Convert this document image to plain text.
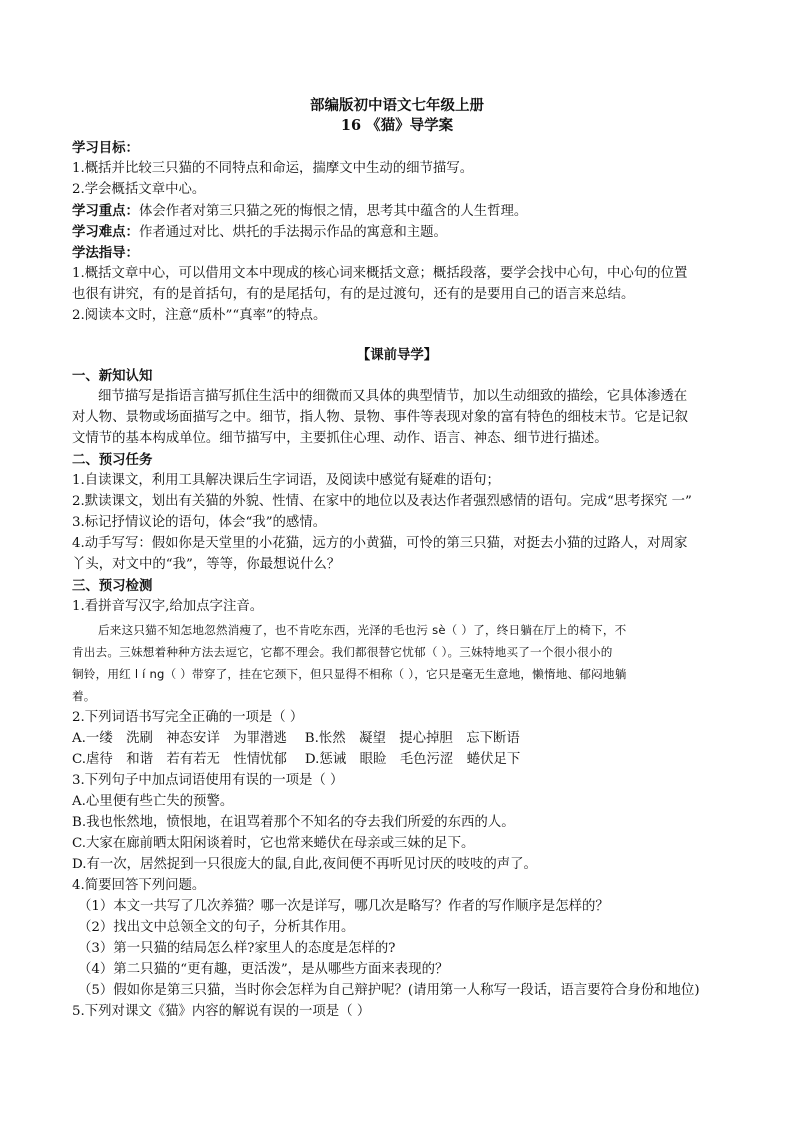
部编版初中语文七年级上册
16 《猫》导学案
学习目标：
1.概括并比较三只猫的不同特点和命运，揣摩文中生动的细节描写。
2.学会概括文章中心。
学习重点：体会作者对第三只猫之死的悔恨之情，思考其中蕴含的人生哲理。
学习难点：作者通过对比、烘托的手法揭示作品的寓意和主题。
学法指导：
1.概括文章中心，可以借用文本中现成的核心词来概括文意；概括段落，要学会找中心句，中心句的位置
也很有讲究，有的是首括句，有的是尾括句，有的是过渡句，还有的是要用自己的语言来总结。
2.阅读本文时，注意“质朴”“真率”的特点。
【课前导学】
一、新知认知
细节描写是指语言描写抓住生活中的细微而又具体的典型情节，加以生动细致的描绘，它具体渗透在
对人物、景物或场面描写之中。细节，指人物、景物、事件等表现对象的富有特色的细枝末节。它是记叙
文情节的基本构成单位。细节描写中，主要抓住心理、动作、语言、神态、细节进行描述。
二、预习任务
1.自读课文，利用工具解决课后生字词语，及阅读中感觉有疑难的语句；
2.默读课文，划出有关猫的外貌、性情、在家中的地位以及表达作者强烈感情的语句。完成“思考探究 一”
3.标记抒情议论的语句，体会“我”的感情。
4.动手写写：假如你是天堂里的小花猫，远方的小黄猫，可怜的第三只猫，对挺去小猫的过路人，对周家
丫头，对文中的“我”，等等，你最想说什么？
三、预习检测
1.看拼音写汉字,给加点字注音。
后来这只猫不知怎地忽然消瘦了，也不肯吃东西，光泽的毛也污 sè（ ）了，终日躺在厅上的椅下，不
肯出去。三妹想着种种方法去逗它，它都不理会。我们都很替它忧郁（ ）。三妹特地买了一个很小很小的
铜铃，用红 l í ng（ ）带穿了，挂在它颈下，但只显得不相称（ ），它只是毫无生意地，懒惰地、郁闷地躺
着。
2.下列词语书写完全正确的一项是（ ）
A.一缕　洗刷　神态安详　为罪潜逃 B.怅然　凝望　提心掉胆　忘下断语
C.虐待　和谐　若有若无　性情忧郁 D.惩诫　眼睑　毛色污涩　蜷伏足下
3.下列句子中加点词语使用有误的一项是（ ）
A.心里便有些亡失的预警。
B.我也怅然地，愤恨地，在诅骂着那个不知名的夺去我们所爱的东西的人。
C.大家在廊前晒太阳闲谈着时，它也常来蜷伏在母亲或三妹的足下。
D.有一次，居然捉到一只很庞大的鼠,自此,夜间便不再听见讨厌的吱吱的声了。
4.简要回答下列问题。
（1）本文一共写了几次养猫？哪一次是详写，哪几次是略写？作者的写作顺序是怎样的？
（2）找出文中总领全文的句子，分析其作用。
（3）第一只猫的结局怎么样?家里人的态度是怎样的?
（4）第二只猫的“更有趣，更活泼”，是从哪些方面来表现的？
（5）假如你是第三只猫，当时你会怎样为自己辩护呢？(请用第一人称写一段话，语言要符合身份和地位)
5.下列对课文《猫》内容的解说有误的一项是（ ）
